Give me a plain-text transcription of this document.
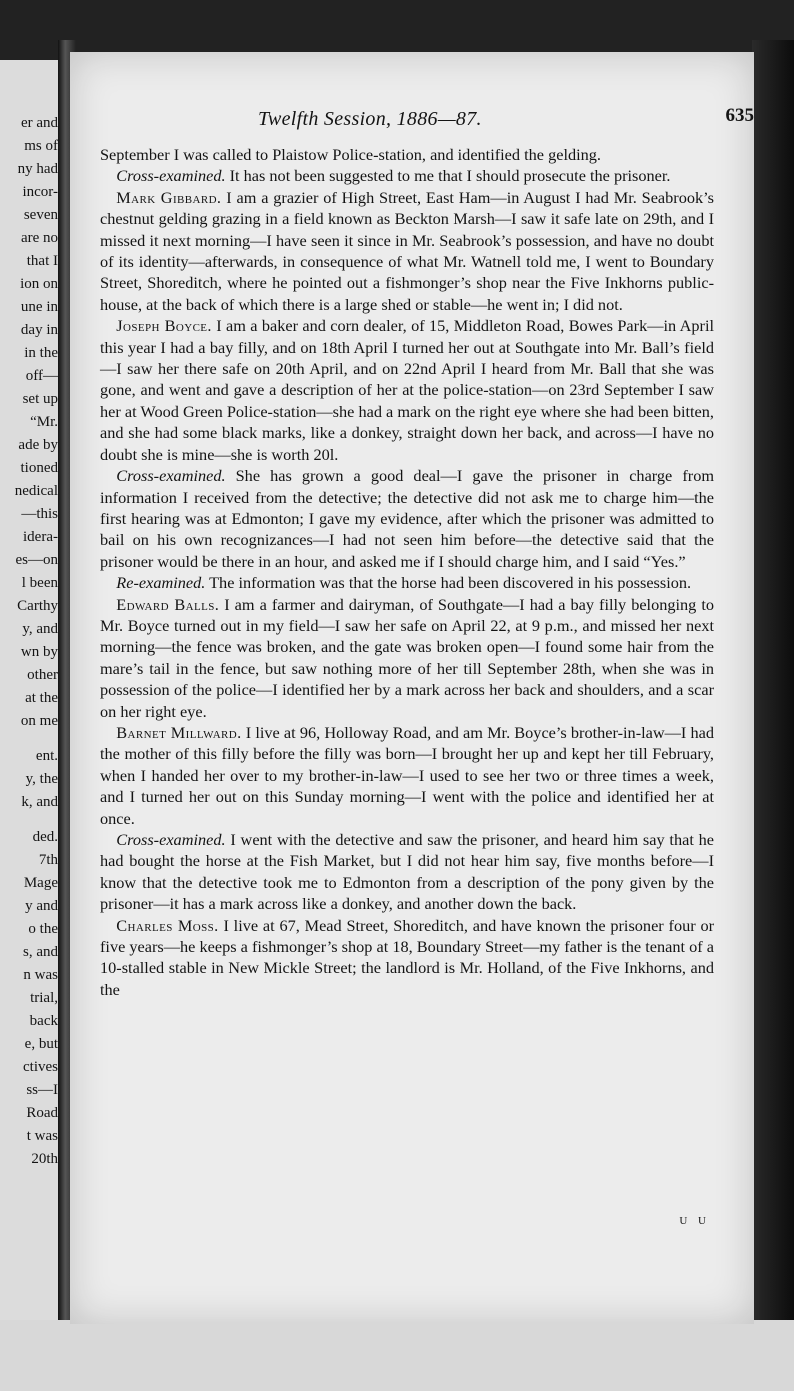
er and
ms of
ny had
incor-
seven
are no
that I
ion on
une in
day in
in the
off—
set up
“Mr.
ade by
tioned
nedical
—this
idera-
es—on
l been
Carthy
y, and
wn by
other
at the
on me
ent.
y, the
k, and
ded.
7th
Mage
y and
o the
s, and
n was
trial,
back
e, but
ctives
ss—I
Road
t was
20th
Twelfth Session, 1886—87.	635

September I was called to Plaistow Police-station, and identified the gelding.

 Cross-examined. It has not been suggested to me that I should prosecute the prisoner.

 Mark Gibbard. I am a grazier of High Street, East Ham—in August I had Mr. Seabrook’s chestnut gelding grazing in a field known as Beckton Marsh—I saw it safe late on 29th, and I missed it next morning—I have seen it since in Mr. Seabrook’s possession, and have no doubt of its identity—afterwards, in consequence of what Mr. Watnell told me, I went to Boundary Street, Shoreditch, where he pointed out a fishmonger’s shop near the Five Inkhorns public-house, at the back of which there is a large shed or stable—he went in; I did not.

 Joseph Boyce. I am a baker and corn dealer, of 15, Middleton Road, Bowes Park—in April this year I had a bay filly, and on 18th April I turned her out at Southgate into Mr. Ball’s field—I saw her there safe on 20th April, and on 22nd April I heard from Mr. Ball that she was gone, and went and gave a description of her at the police-station—on 23rd September I saw her at Wood Green Police-station—she had a mark on the right eye where she had been bitten, and she had some black marks, like a donkey, straight down her back, and across—I have no doubt she is mine—she is worth 20l.

 Cross-examined. She has grown a good deal—I gave the prisoner in charge from information I received from the detective; the detective did not ask me to charge him—the first hearing was at Edmonton; I gave my evidence, after which the prisoner was admitted to bail on his own recognizances—I had not seen him before—the detective said that the prisoner would be there in an hour, and asked me if I should charge him, and I said “Yes.”

 Re-examined. The information was that the horse had been discovered in his possession.

 Edward Balls. I am a farmer and dairyman, of Southgate—I had a bay filly belonging to Mr. Boyce turned out in my field—I saw her safe on April 22, at 9 p.m., and missed her next morning—the fence was broken, and the gate was broken open—I found some hair from the mare’s tail in the fence, but saw nothing more of her till September 28th, when she was in possession of the police—I identified her by a mark across her back and shoulders, and a scar on her right eye.

 Barnet Millward. I live at 96, Holloway Road, and am Mr. Boyce’s brother-in-law—I had the mother of this filly before the filly was born—I brought her up and kept her till February, when I handed her over to my brother-in-law—I used to see her two or three times a week, and I turned her out on this Sunday morning—I went with the police and identified her at once.

 Cross-examined. I went with the detective and saw the prisoner, and heard him say that he had bought the horse at the Fish Market, but I did not hear him say, five months before—I know that the detective took me to Edmonton from a description of the pony given by the prisoner—it has a mark across like a donkey, and another down the back.

 Charles Moss. I live at 67, Mead Street, Shoreditch, and have known the prisoner four or five years—he keeps a fishmonger’s shop at 18, Boundary Street—my father is the tenant of a 10-stalled stable in New Mickle Street; the landlord is Mr. Holland, of the Five Inkhorns, and the

U U
